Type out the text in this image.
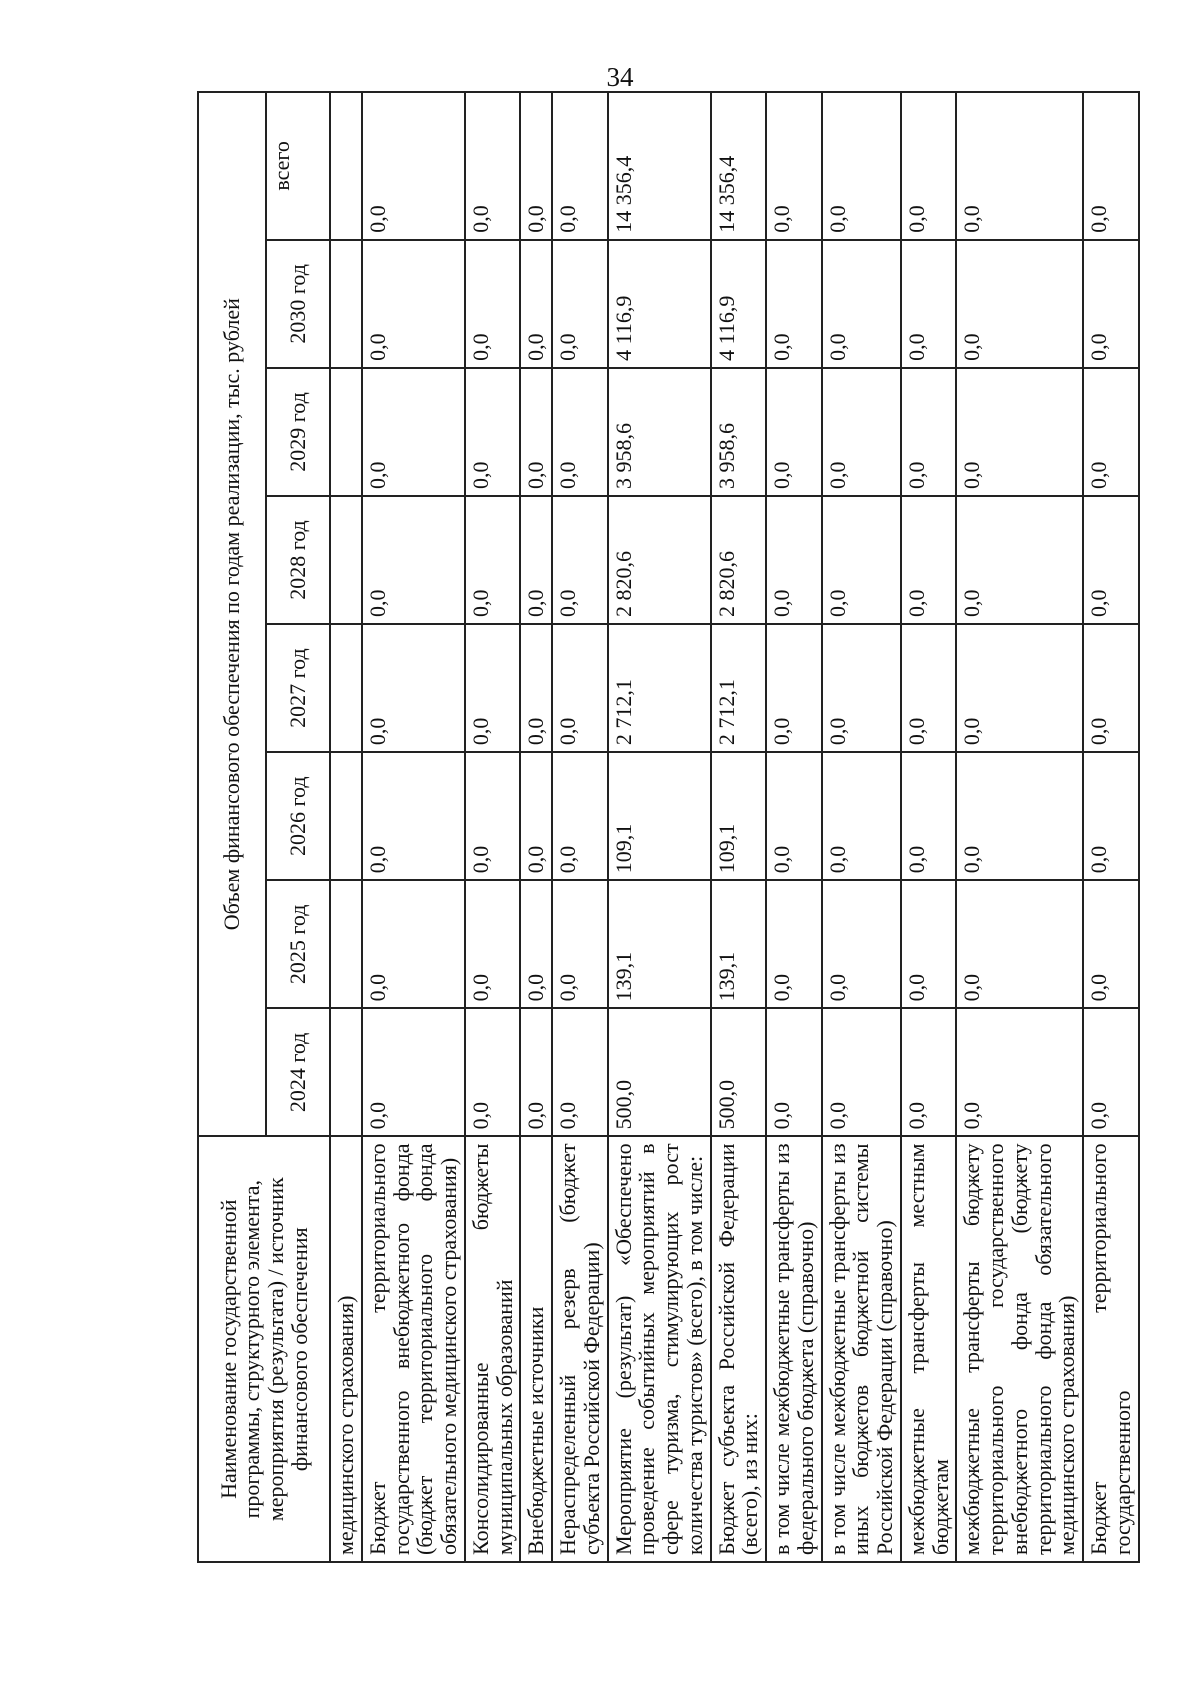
34
Наименование государственной программы, структурного элемента, мероприятия (результата) / источник финансового обеспечения	Объем финансового обеспечения по годам реализации, тыс. рублей							
	2024 год	2025 год	2026 год	2027 год	2028 год	2029 год	2030 год	всего
медицинского страхования)								
Бюджет территориального государственного внебюджетного фонда (бюджет территориального фонда обязательного медицинского страхования)	0,0	0,0	0,0	0,0	0,0	0,0	0,0	0,0
Консолидированные бюджеты муниципальных образований	0,0	0,0	0,0	0,0	0,0	0,0	0,0	0,0
Внебюджетные источники	0,0	0,0	0,0	0,0	0,0	0,0	0,0	0,0
Нераспределенный резерв (бюджет субъекта Российской Федерации)	0,0	0,0	0,0	0,0	0,0	0,0	0,0	0,0
Мероприятие (результат) «Обеспечено проведение событийных мероприятий в сфере туризма, стимулирующих рост количества туристов» (всего), в том числе:	500,0	139,1	109,1	2 712,1	2 820,6	3 958,6	4 116,9	14 356,4
Бюджет субъекта Российской Федерации (всего), из них:	500,0	139,1	109,1	2 712,1	2 820,6	3 958,6	4 116,9	14 356,4
в том числе межбюджетные трансферты из федерального бюджета (справочно)	0,0	0,0	0,0	0,0	0,0	0,0	0,0	0,0
в том числе межбюджетные трансферты из иных бюджетов бюджетной системы Российской Федерации (справочно)	0,0	0,0	0,0	0,0	0,0	0,0	0,0	0,0
межбюджетные трансферты местным бюджетам	0,0	0,0	0,0	0,0	0,0	0,0	0,0	0,0
межбюджетные трансферты бюджету территориального государственного внебюджетного фонда (бюджету территориального фонда обязательного медицинского страхования)	0,0	0,0	0,0	0,0	0,0	0,0	0,0	0,0
Бюджет территориального государственного	0,0	0,0	0,0	0,0	0,0	0,0	0,0	0,0
